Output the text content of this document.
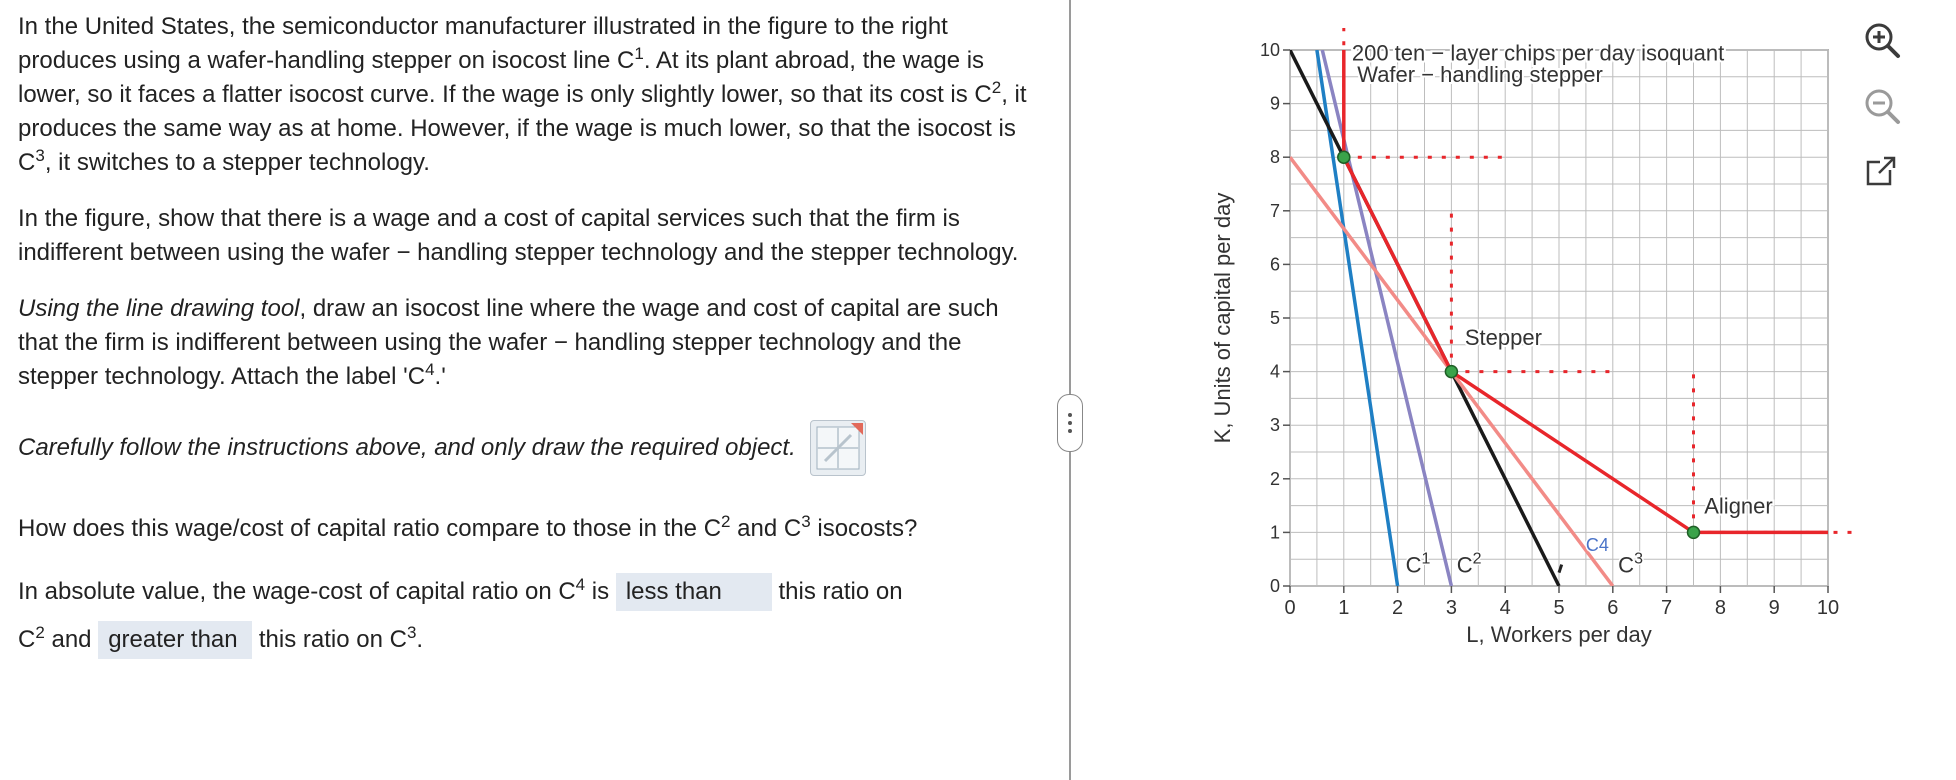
In the United States, the semiconductor manufacturer illustrated in the figure to the right produces using a wafer-handling stepper on isocost line $C^1$. At its plant abroad, the wage is lower, so it faces a flatter isocost curve. If the wage is only slightly lower, so that its cost is $C^2$, it produces the same way as at home. However, if the wage is much lower, so that the isocost is $C^3$, it switches to a stepper technology.

In the figure, show that there is a wage and a cost of capital services such that the firm is indifferent between using the wafer − handling stepper technology and the stepper technology.

Using the line drawing tool, draw an isocost line where the wage and cost of capital are such that the firm is indifferent between using the wafer − handling stepper technology and the stepper technology. Attach the label '$C^4$.'

Carefully follow the instructions above, and only draw the required object.

How does this wage/cost of capital ratio compare to those in the $C^2$ and $C^3$ isocosts?

In absolute value, the wage-cost of capital ratio on $C^4$ is less than this ratio on
$C^2$ and greater than this ratio on $C^3$.

0 1 2 3 4 5 6 7 8 9 10
0
1
2
3
4
5
6
7
8
9
10
L, Workers per day
K, Units of capital per day
Wafer − handling stepper
Stepper
Aligner
200 ten − layer chips per day isoquant
$C^1$ $C^2$	$C^3$
C4
